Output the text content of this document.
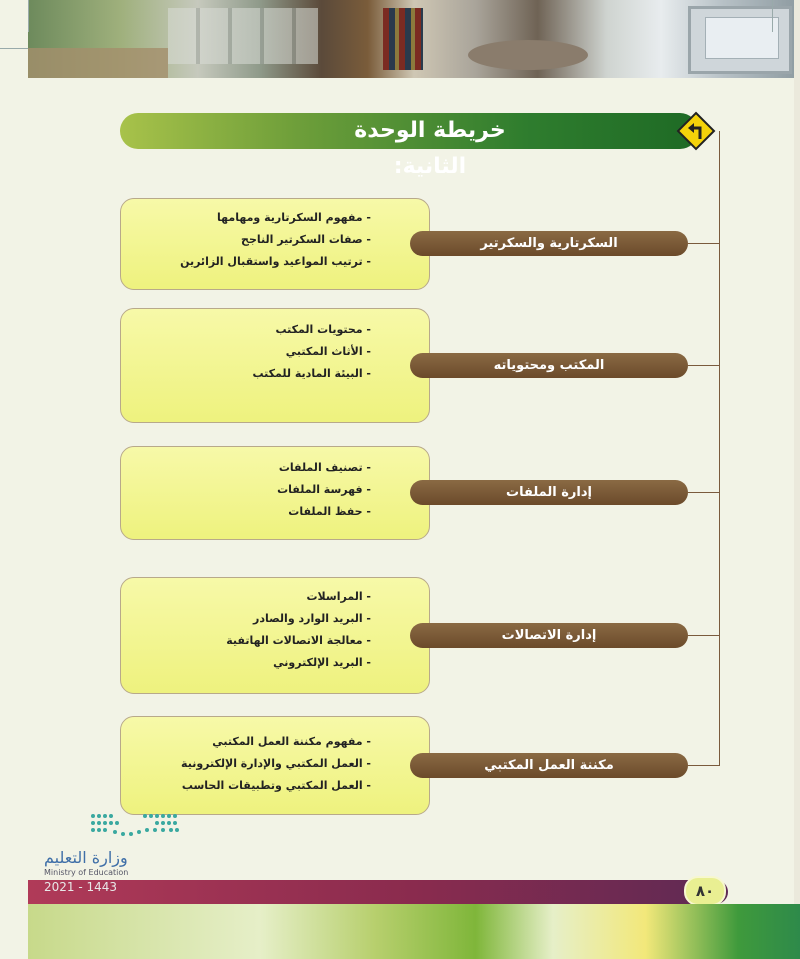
خريطة الوحدة الثانية:
- مفهوم السكرتارية ومهامها
- صفات السكرتير الناجح
- ترتيب المواعيد واستقبال الزائرين
السكرتارية والسكرتير
- محتويات المكتب
- الأثاث المكتبي
- البيئة المادية للمكتب
المكتب ومحتوياته
- تصنيف الملفات
- فهرسة الملفات
- حفظ الملفات
إدارة الملفات
- المراسلات
- البريد الوارد والصادر
- معالجة الاتصالات الهاتفية
- البريد الإلكتروني
إدارة الاتصالات
- مفهوم مكننة العمل المكتبي
- العمل المكتبي والإدارة الإلكترونية
- العمل المكتبي وتطبيقات الحاسب
مكننة العمل المكتبي
وزارة التعليم
Ministry of Education
2021 - 1443	٨٠
